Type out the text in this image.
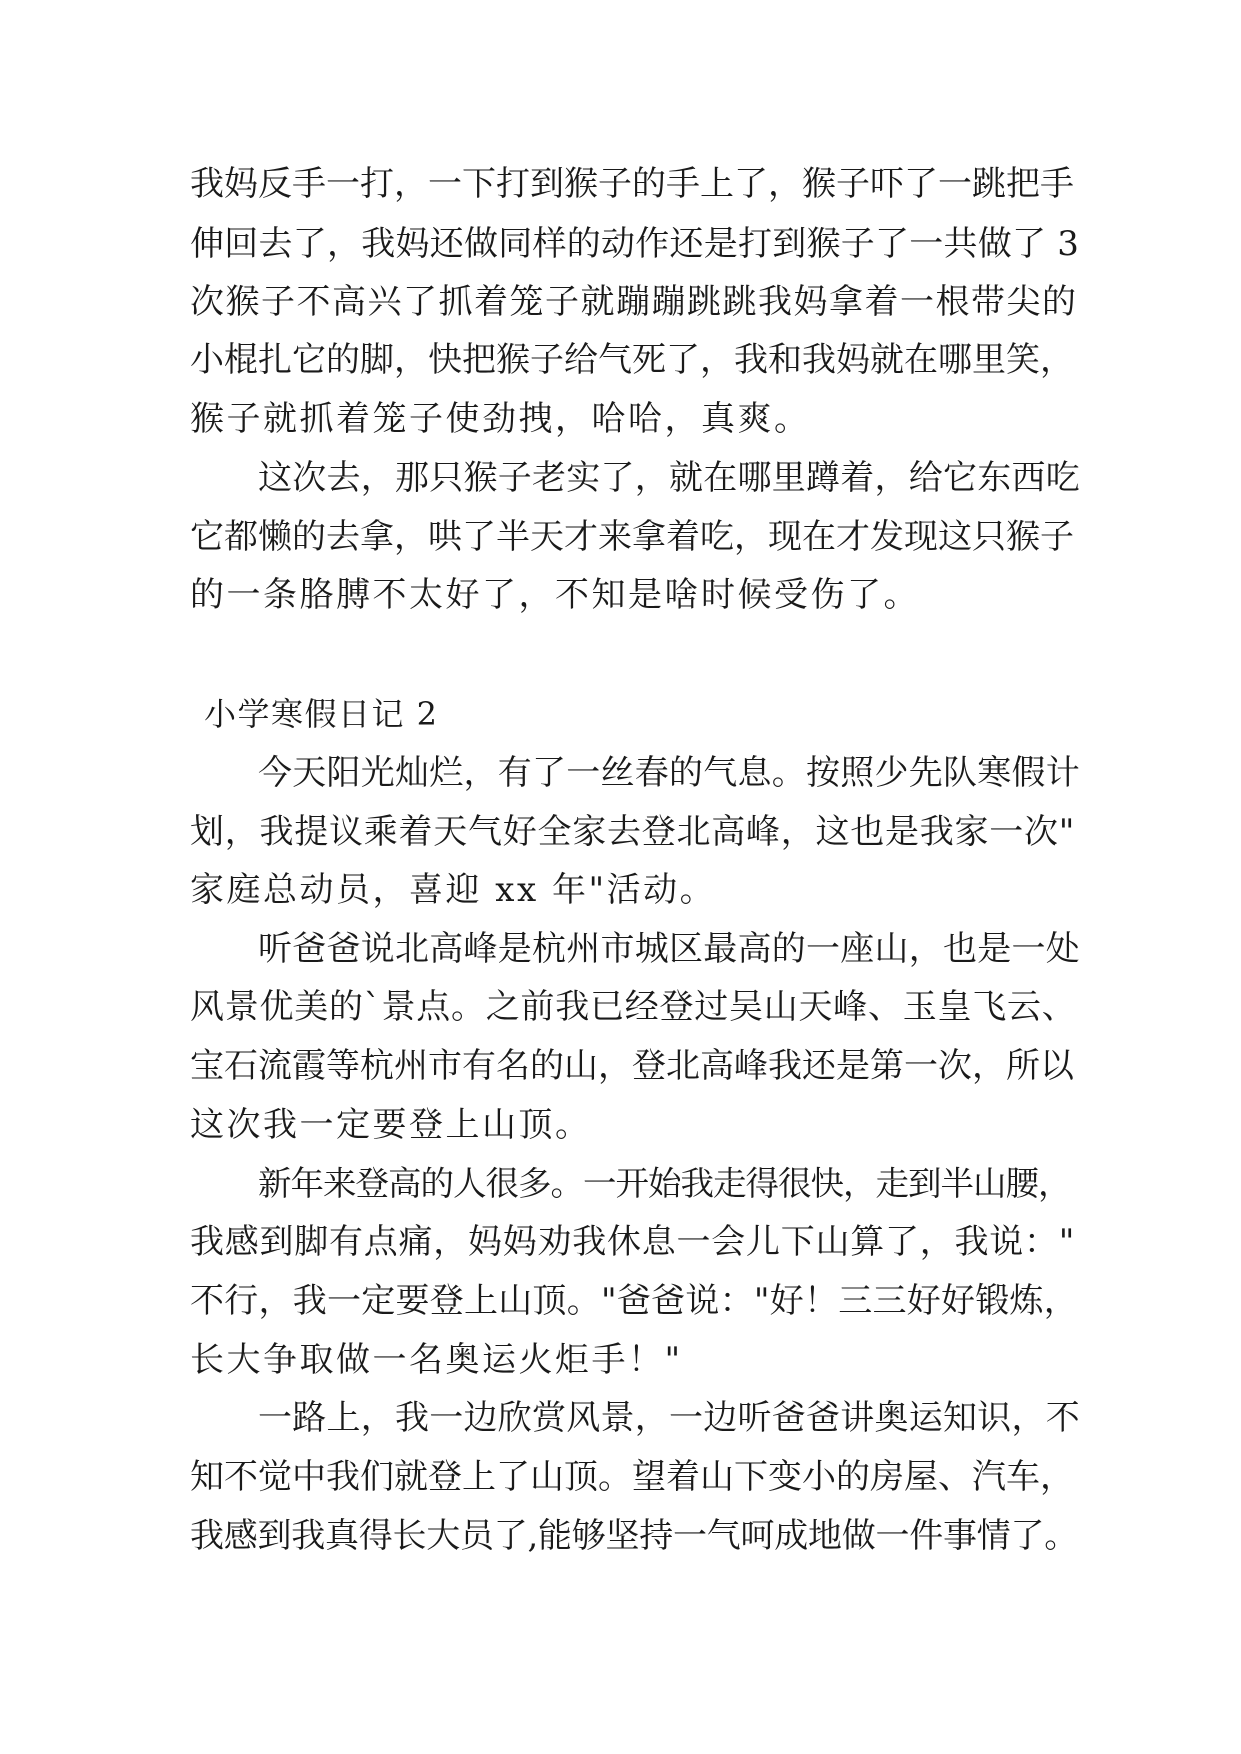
我妈反手一打，一下打到猴子的手上了，猴子吓了一跳把手
伸回去了，我妈还做同样的动作还是打到猴子了一共做了 3
次猴子不高兴了抓着笼子就蹦蹦跳跳我妈拿着一根带尖的
小棍扎它的脚，快把猴子给气死了，我和我妈就在哪里笑，
猴子就抓着笼子使劲拽，哈哈，真爽。
这次去，那只猴子老实了，就在哪里蹲着，给它东西吃
它都懒的去拿，哄了半天才来拿着吃，现在才发现这只猴子
的一条胳膊不太好了，不知是啥时候受伤了。
小学寒假日记 2
今天阳光灿烂，有了一丝春的气息。按照少先队寒假计
划，我提议乘着天气好全家去登北高峰，这也是我家一次"
家庭总动员，喜迎 xx 年"活动。
听爸爸说北高峰是杭州市城区最高的一座山，也是一处
风景优美的`景点。之前我已经登过吴山天峰、玉皇飞云、
宝石流霞等杭州市有名的山，登北高峰我还是第一次，所以
这次我一定要登上山顶。
新年来登高的人很多。一开始我走得很快，走到半山腰，
我感到脚有点痛，妈妈劝我休息一会儿下山算了，我说："
不行，我一定要登上山顶。"爸爸说："好！三三好好锻炼，
长大争取做一名奥运火炬手！"
一路上，我一边欣赏风景，一边听爸爸讲奥运知识，不
知不觉中我们就登上了山顶。望着山下变小的房屋、汽车，
我感到我真得长大员了,能够坚持一气呵成地做一件事情了。
